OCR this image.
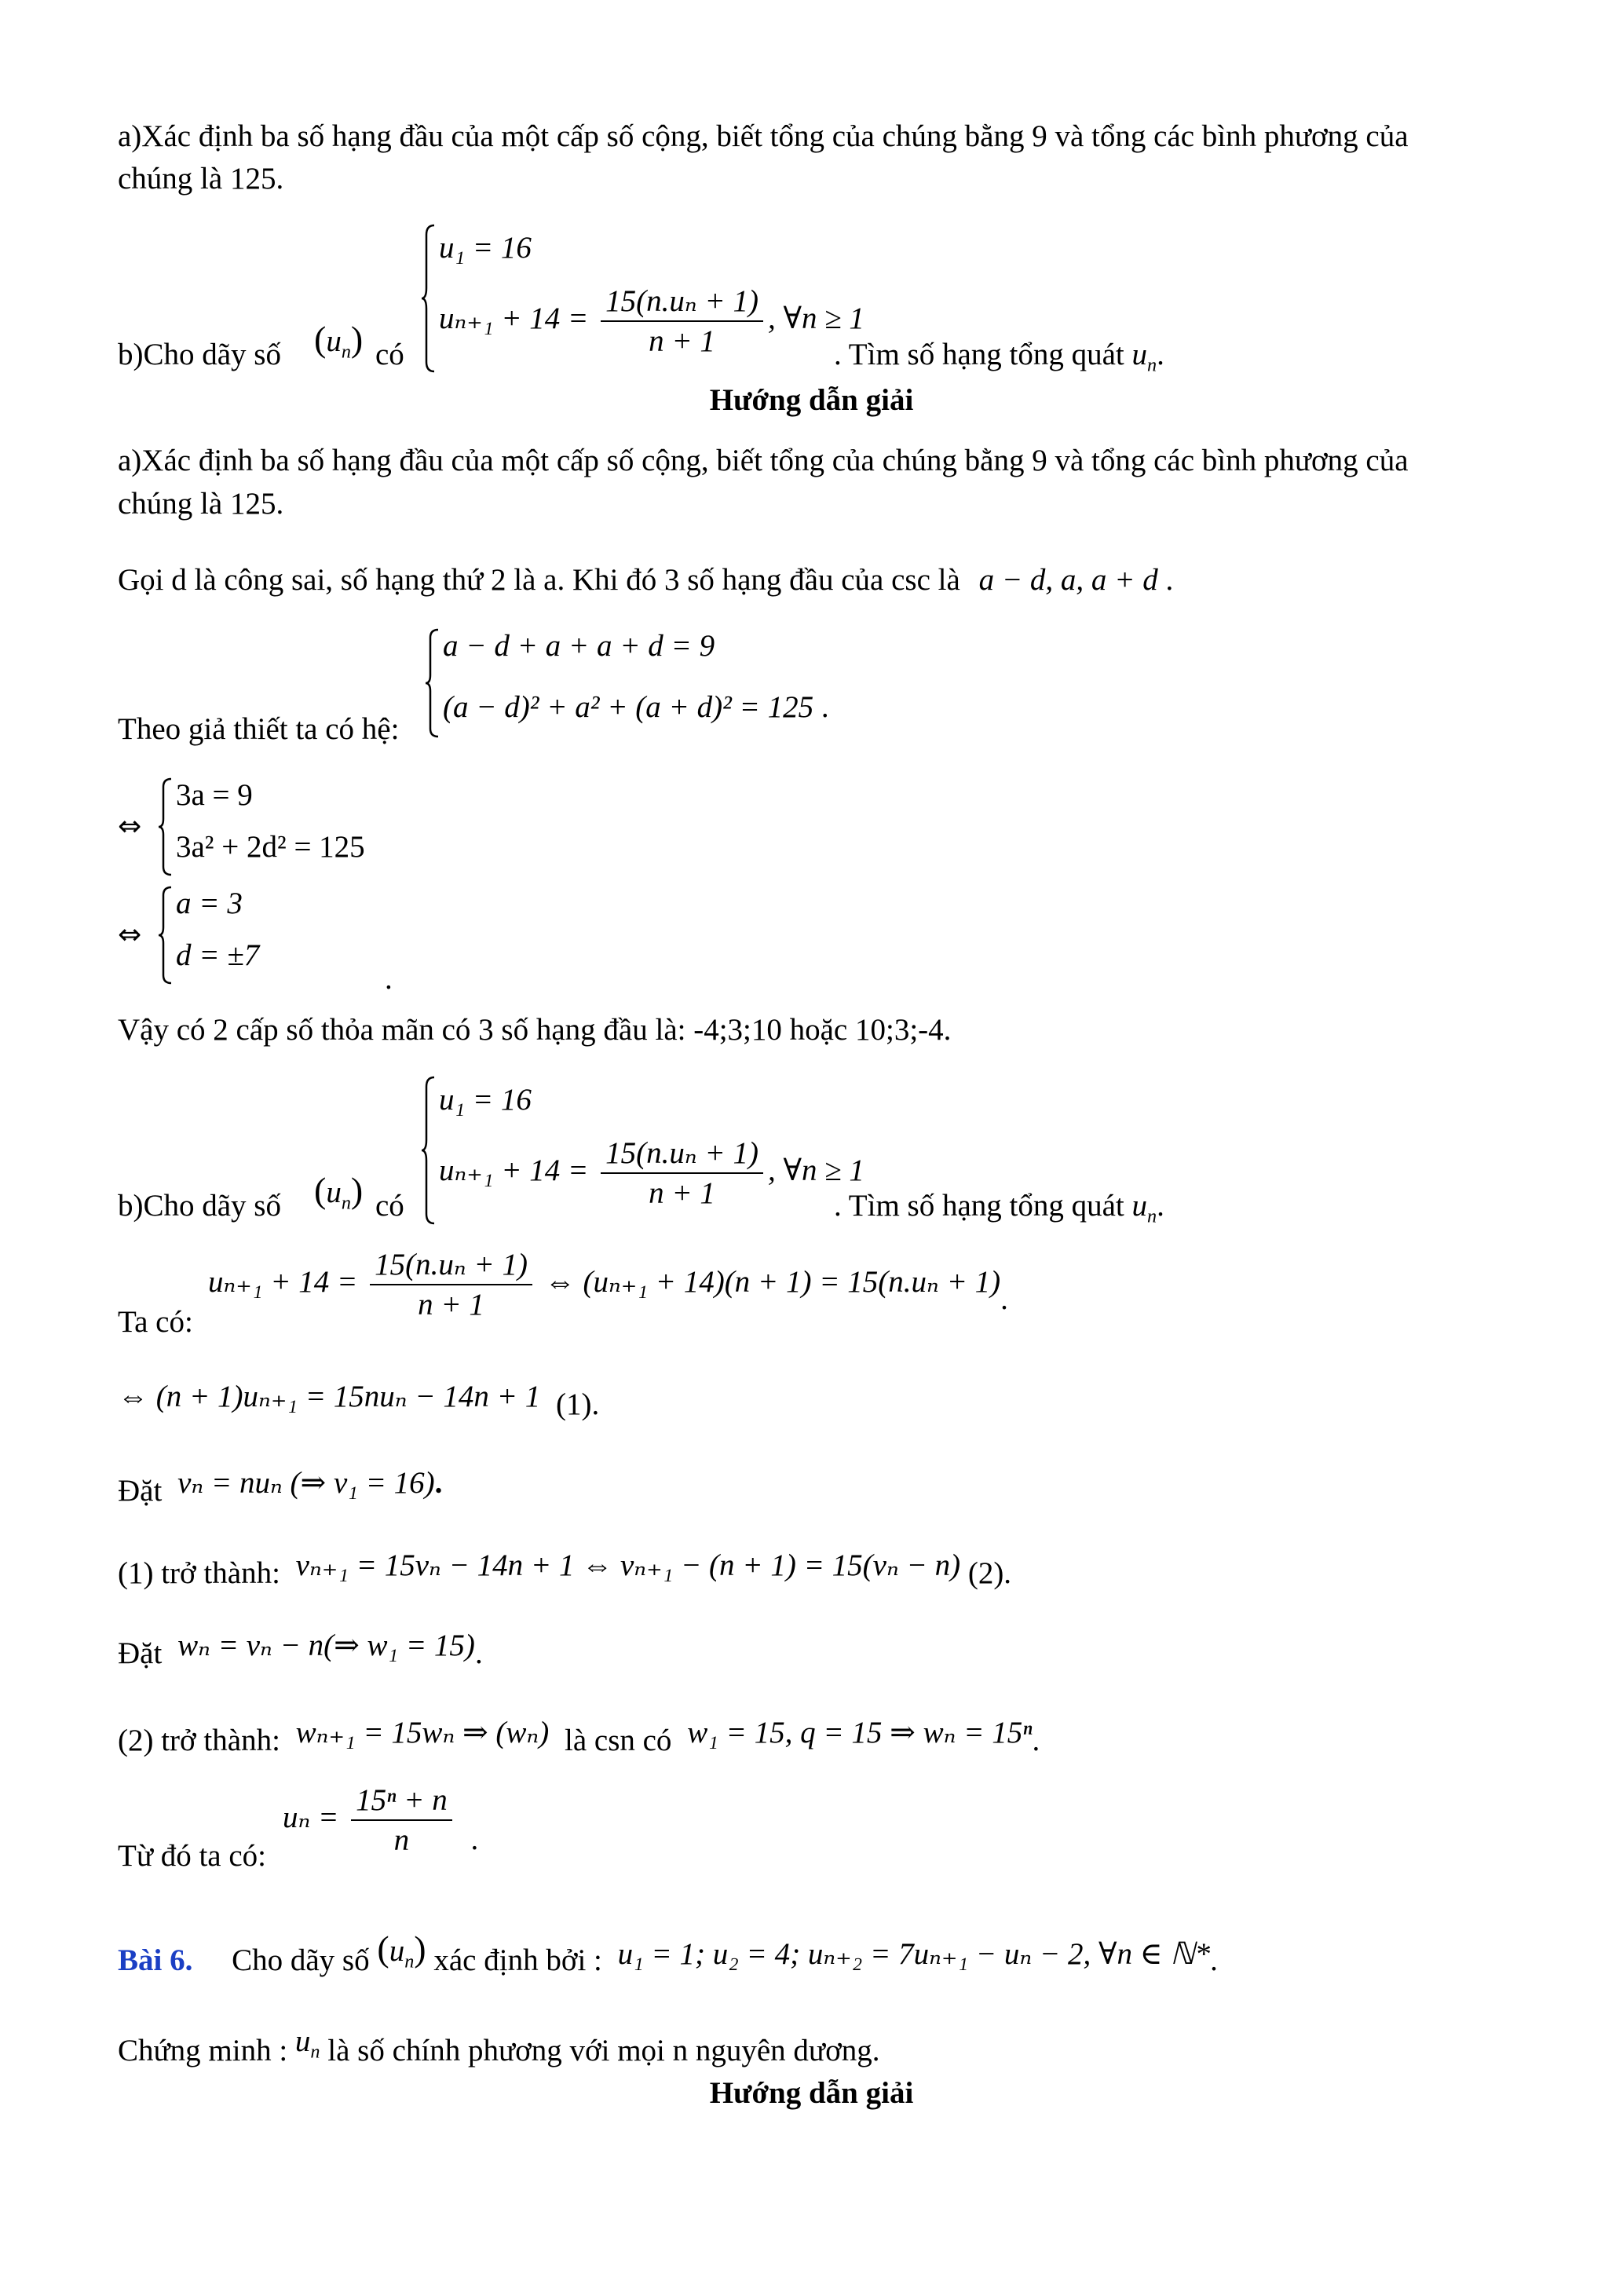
a)Xác định ba số hạng đầu của một cấp số cộng, biết tổng của chúng bằng 9 và tổng các bình phương của
chúng là 125.
b)Cho dãy số $(u_n)$ có
u₁ = 16
$u_{n+1} + 14 = \frac{\text{15(n.uₙ + 1)}}{n + 1}$ , ∀n ≥ 1
. Tìm số hạng tổng quát $u_n$.
Hướng dẫn giải
a)Xác định ba số hạng đầu của một cấp số cộng, biết tổng của chúng bằng 9 và tổng các bình phương của
chúng là 125.
Gọi d là công sai, số hạng thứ 2 là a. Khi đó 3 số hạng đầu của csc là a − d, a, a + d .
Theo giả thiết ta có hệ:
a − d + a + a + d = 9
(a − d)² + a² + (a + d)² = 125 .
⇔
3a = 9
3a² + 2d² = 125
⇔
a = 3
d = ±7
.
Vậy có 2 cấp số thỏa mãn có 3 số hạng đầu là: -4;3;10 hoặc 10;3;-4.
b)Cho dãy số $(u_n)$ có
u₁ = 16
$u_{n+1} + 14 = \frac{\text{15(n.uₙ + 1)}}{n + 1}$ , ∀n ≥ 1
. Tìm số hạng tổng quát $u_n$.
Ta có:
$u_{n+1} + 14 = \frac{\text{15(n.uₙ + 1)}}{n + 1}$ ⇔ (uₙ₊₁ + 14)(n + 1) = 15(n.uₙ + 1).
⇔ (n + 1)uₙ₊₁ = 15nuₙ − 14n + 1 (1).
Đặt vₙ = nuₙ (⇒ v₁ = 16).
(1) trở thành: vₙ₊₁ = 15vₙ − 14n + 1 ⇔ vₙ₊₁ − (n + 1) = 15(vₙ − n) (2).
Đặt wₙ = vₙ − n(⇒ w₁ = 15).
(2) trở thành: wₙ₊₁ = 15wₙ ⇒ (wₙ) là csn có w₁ = 15, q = 15 ⇒ wₙ = 15ⁿ.
Từ đó ta có:
$u_n = \frac{\text{15ⁿ + n}}{n}$ .
Bài 6. Cho dãy số $(u_n)$ xác định bởi : u₁ = 1; u₂ = 4; uₙ₊₂ = 7uₙ₊₁ − uₙ − 2, ∀n ∈ ℕ*.
Chứng minh : $u_n$ là số chính phương với mọi n nguyên dương.
Hướng dẫn giải
